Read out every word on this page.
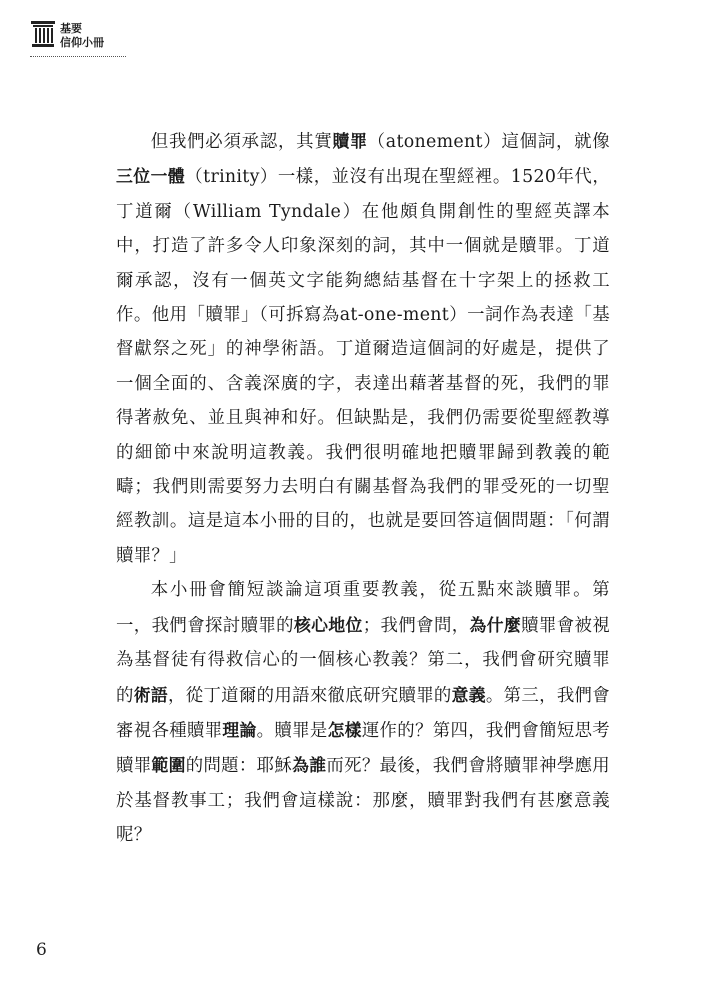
基要
信仰小冊

但我們必須承認，其實贖罪（atonement）這個詞，就像三位一體（trinity）一樣，並沒有出現在聖經裡。1520年代，丁道爾（William Tyndale）在他頗負開創性的聖經英譯本中，打造了許多令人印象深刻的詞，其中一個就是贖罪。丁道爾承認，沒有一個英文字能夠總結基督在十字架上的拯救工作。他用「贖罪」（可拆寫為at-one-ment）一詞作為表達「基督獻祭之死」的神學術語。丁道爾造這個詞的好處是，提供了一個全面的、含義深廣的字，表達出藉著基督的死，我們的罪得著赦免、並且與神和好。但缺點是，我們仍需要從聖經教導的細節中來說明這教義。我們很明確地把贖罪歸到教義的範疇；我們則需要努力去明白有關基督為我們的罪受死的一切聖經教訓。這是這本小冊的目的，也就是要回答這個問題：「何謂贖罪？」

本小冊會簡短談論這項重要教義，從五點來談贖罪。第一，我們會探討贖罪的核心地位；我們會問，為什麼贖罪會被視為基督徒有得救信心的一個核心教義？第二，我們會研究贖罪的術語，從丁道爾的用語來徹底研究贖罪的意義。第三，我們會審視各種贖罪理論。贖罪是怎樣運作的？第四，我們會簡短思考贖罪範圍的問題：耶穌為誰而死？最後，我們會將贖罪神學應用於基督教事工；我們會這樣說：那麼，贖罪對我們有甚麼意義呢？

6
